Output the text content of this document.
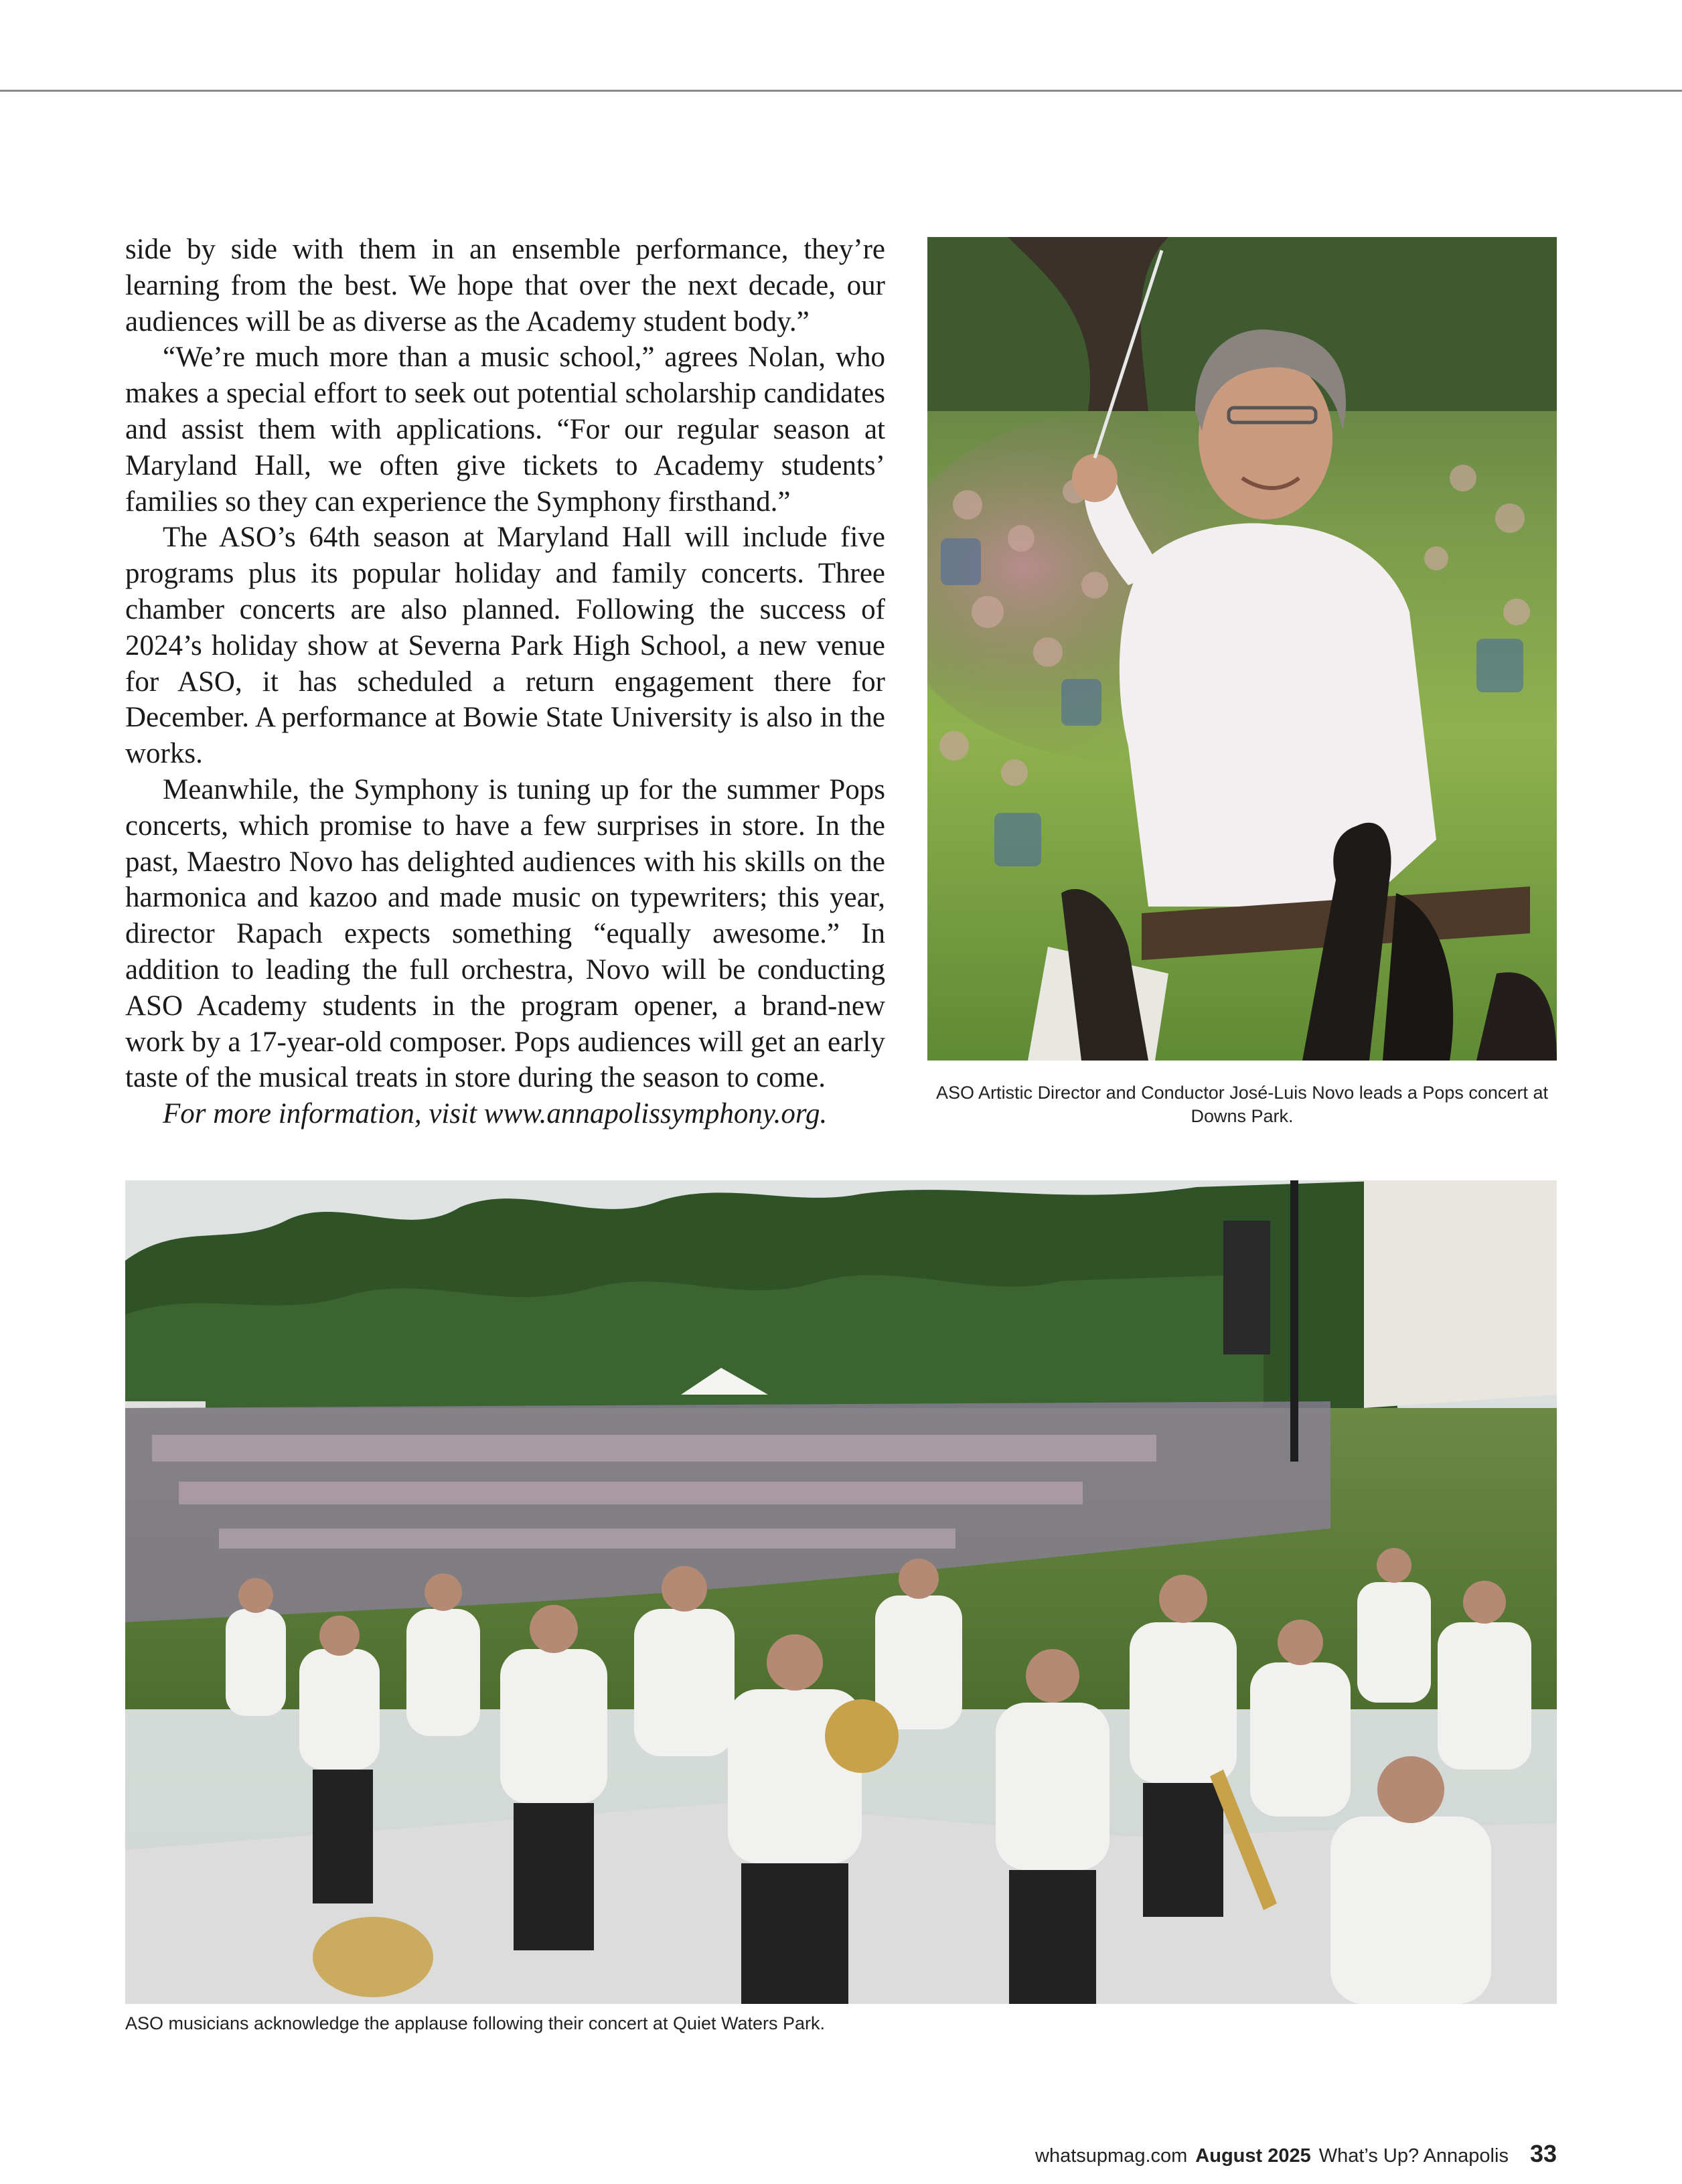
side by side with them in an ensemble performance, they’re learning from the best. We hope that over the next decade, our audiences will be as diverse as the Academy student body.”

“We’re much more than a music school,” agrees Nolan, who makes a special effort to seek out potential scholarship candidates and assist them with applications. “For our regular season at Maryland Hall, we often give tickets to Academy students’ families so they can experience the Symphony firsthand.”

The ASO’s 64th season at Maryland Hall will include five programs plus its popular holiday and family concerts. Three chamber concerts are also planned. Following the success of 2024’s holiday show at Severna Park High School, a new venue for ASO, it has scheduled a return engagement there for December. A performance at Bowie State University is also in the works.

Meanwhile, the Symphony is tuning up for the summer Pops concerts, which promise to have a few surprises in store. In the past, Maestro Novo has delighted audiences with his skills on the harmonica and kazoo and made music on typewriters; this year, director Rapach expects something “equally awesome.” In addition to leading the full orchestra, Novo will be conducting ASO Academy students in the program opener, a brand-new work by a 17-year-old composer. Pops audiences will get an early taste of the musical treats in store during the season to come.

For more information, visit www.annapolissymphony.org.

ASO Artistic Director and Conductor José-Luis Novo leads a Pops concert at Downs Park.
ASO musicians acknowledge the applause following their concert at Quiet Waters Park.
whatsupmag.com August 2025 What’s Up? Annapolis 33
